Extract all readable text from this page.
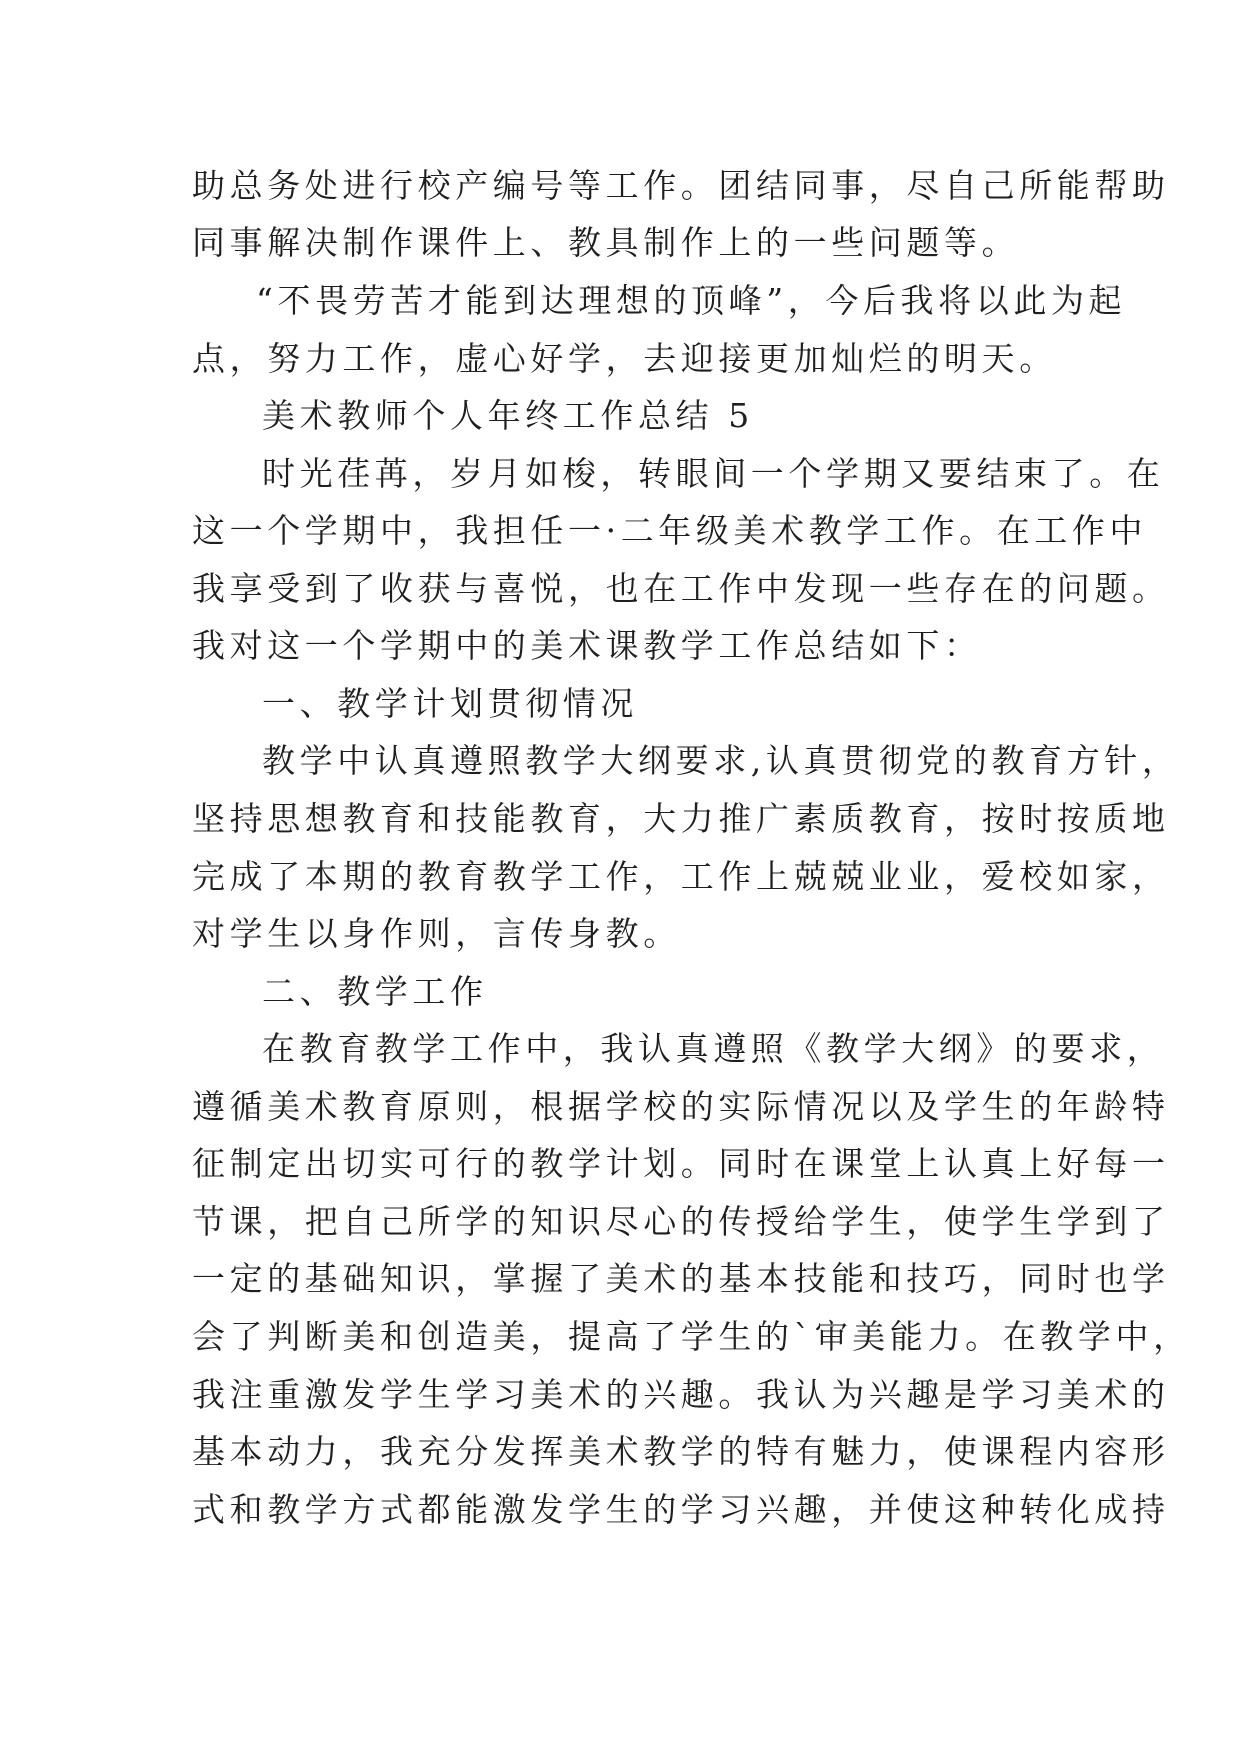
助总务处进行校产编号等工作。团结同事，尽自己所能帮助
同事解决制作课件上、教具制作上的一些问题等。
“不畏劳苦才能到达理想的顶峰”，今后我将以此为起
点，努力工作，虚心好学，去迎接更加灿烂的明天。
美术教师个人年终工作总结 5
时光荏苒，岁月如梭，转眼间一个学期又要结束了。在
这一个学期中，我担任一·二年级美术教学工作。在工作中
我享受到了收获与喜悦，也在工作中发现一些存在的问题。
我对这一个学期中的美术课教学工作总结如下：
一、教学计划贯彻情况
教学中认真遵照教学大纲要求,认真贯彻党的教育方针，
坚持思想教育和技能教育，大力推广素质教育，按时按质地
完成了本期的教育教学工作，工作上兢兢业业，爱校如家，
对学生以身作则，言传身教。
二、教学工作
在教育教学工作中，我认真遵照《教学大纲》的要求，
遵循美术教育原则，根据学校的实际情况以及学生的年龄特
征制定出切实可行的教学计划。同时在课堂上认真上好每一
节课，把自己所学的知识尽心的传授给学生，使学生学到了
一定的基础知识，掌握了美术的基本技能和技巧，同时也学
会了判断美和创造美，提高了学生的`审美能力。在教学中，
我注重激发学生学习美术的兴趣。我认为兴趣是学习美术的
基本动力，我充分发挥美术教学的特有魅力，使课程内容形
式和教学方式都能激发学生的学习兴趣，并使这种转化成持
